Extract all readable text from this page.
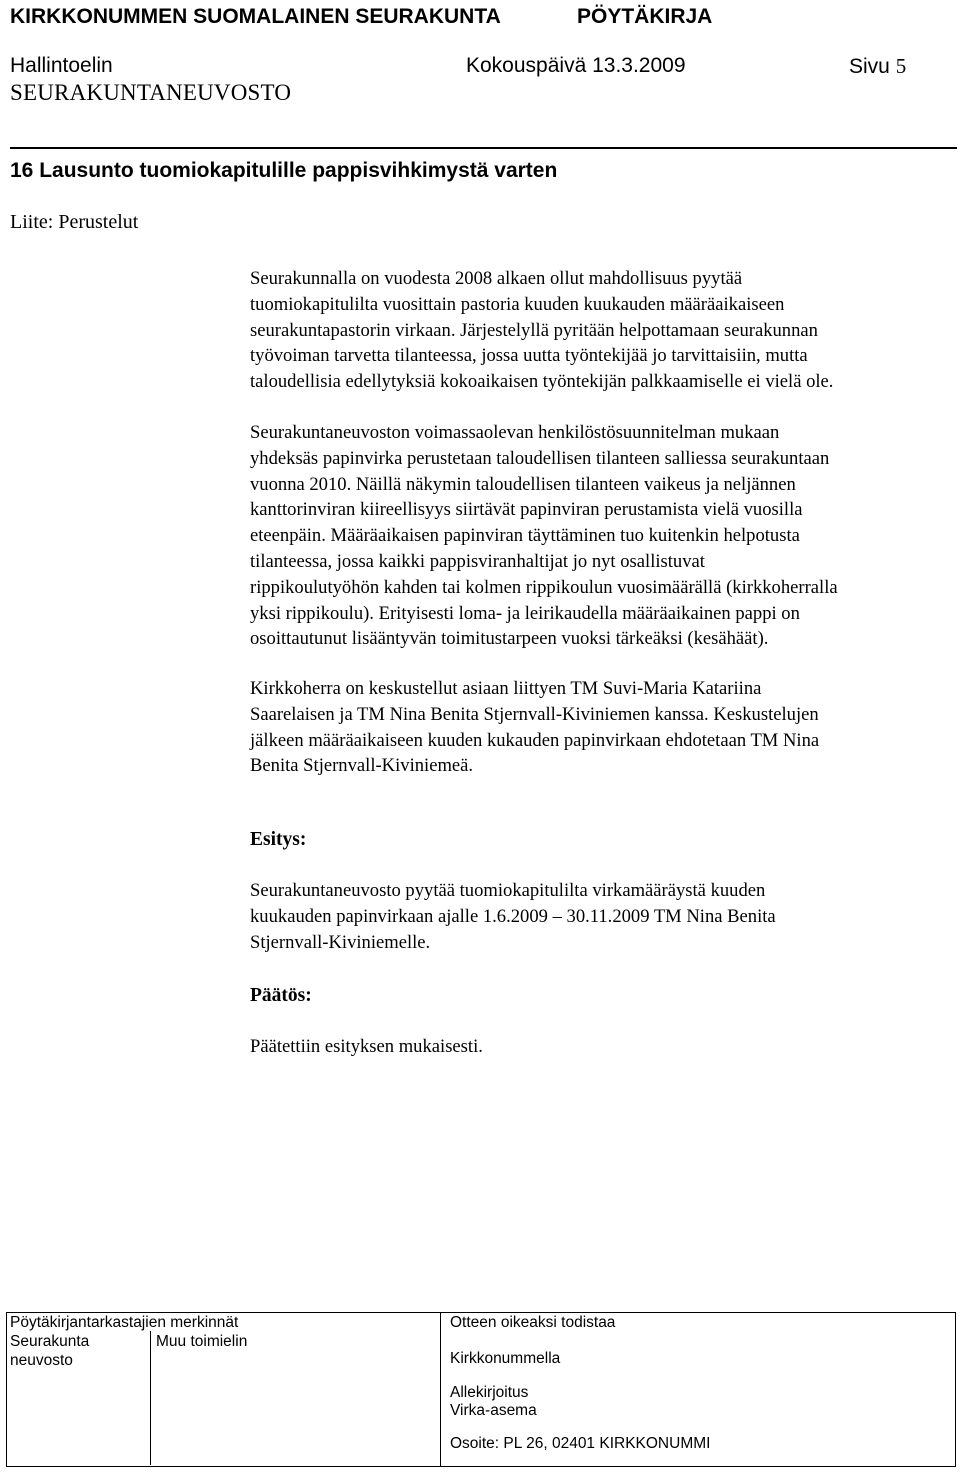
KIRKKONUMMEN SUOMALAINEN SEURAKUNTA	PÖYTÄKIRJA
Hallintoelin	Kokouspäivä 13.3.2009	Sivu 5
SEURAKUNTANEUVOSTO
16 Lausunto tuomiokapitulille pappisvihkimystä varten
Liite: Perustelut
Seurakunnalla on vuodesta 2008 alkaen ollut mahdollisuus pyytää
tuomiokapitulilta vuosittain pastoria kuuden kuukauden määräaikaiseen
seurakuntapastorin virkaan. Järjestelyllä pyritään helpottamaan seurakunnan
työvoiman tarvetta tilanteessa, jossa uutta työntekijää jo tarvittaisiin, mutta
taloudellisia edellytyksiä kokoaikaisen työntekijän palkkaamiselle ei vielä ole.
Seurakuntaneuvoston voimassaolevan henkilöstösuunnitelman mukaan
yhdeksäs papinvirka perustetaan taloudellisen tilanteen salliessa seurakuntaan
vuonna 2010. Näillä näkymin taloudellisen tilanteen vaikeus ja neljännen
kanttorinviran kiireellisyys siirtävät papinviran perustamista vielä vuosilla
eteenpäin. Määräaikaisen papinviran täyttäminen tuo kuitenkin helpotusta
tilanteessa, jossa kaikki pappisviranhaltijat jo nyt osallistuvat
rippikoulutyöhön kahden tai kolmen rippikoulun vuosimäärällä (kirkkoherralla
yksi rippikoulu). Erityisesti loma- ja leirikaudella määräaikainen pappi on
osoittautunut lisääntyvän toimitustarpeen vuoksi tärkeäksi (kesähäät).
Kirkkoherra on keskustellut asiaan liittyen TM Suvi-Maria Katariina
Saarelaisen ja TM Nina Benita Stjernvall-Kiviniemen kanssa. Keskustelujen
jälkeen määräaikaiseen kuuden kukauden papinvirkaan ehdotetaan TM Nina
Benita Stjernvall-Kiviniemeä.
Esitys:
Seurakuntaneuvosto pyytää tuomiokapitulilta virkamääräystä kuuden
kuukauden papinvirkaan ajalle 1.6.2009 – 30.11.2009 TM Nina Benita
Stjernvall-Kiviniemelle.
Päätös:
Päätettiin esityksen mukaisesti.
Pöytäkirjantarkastajien merkinnät
Seurakunta
neuvosto
Muu toimielin
Otteen oikeaksi todistaa
Kirkkonummella
Allekirjoitus
Virka-asema
Osoite: PL 26, 02401 KIRKKONUMMI
